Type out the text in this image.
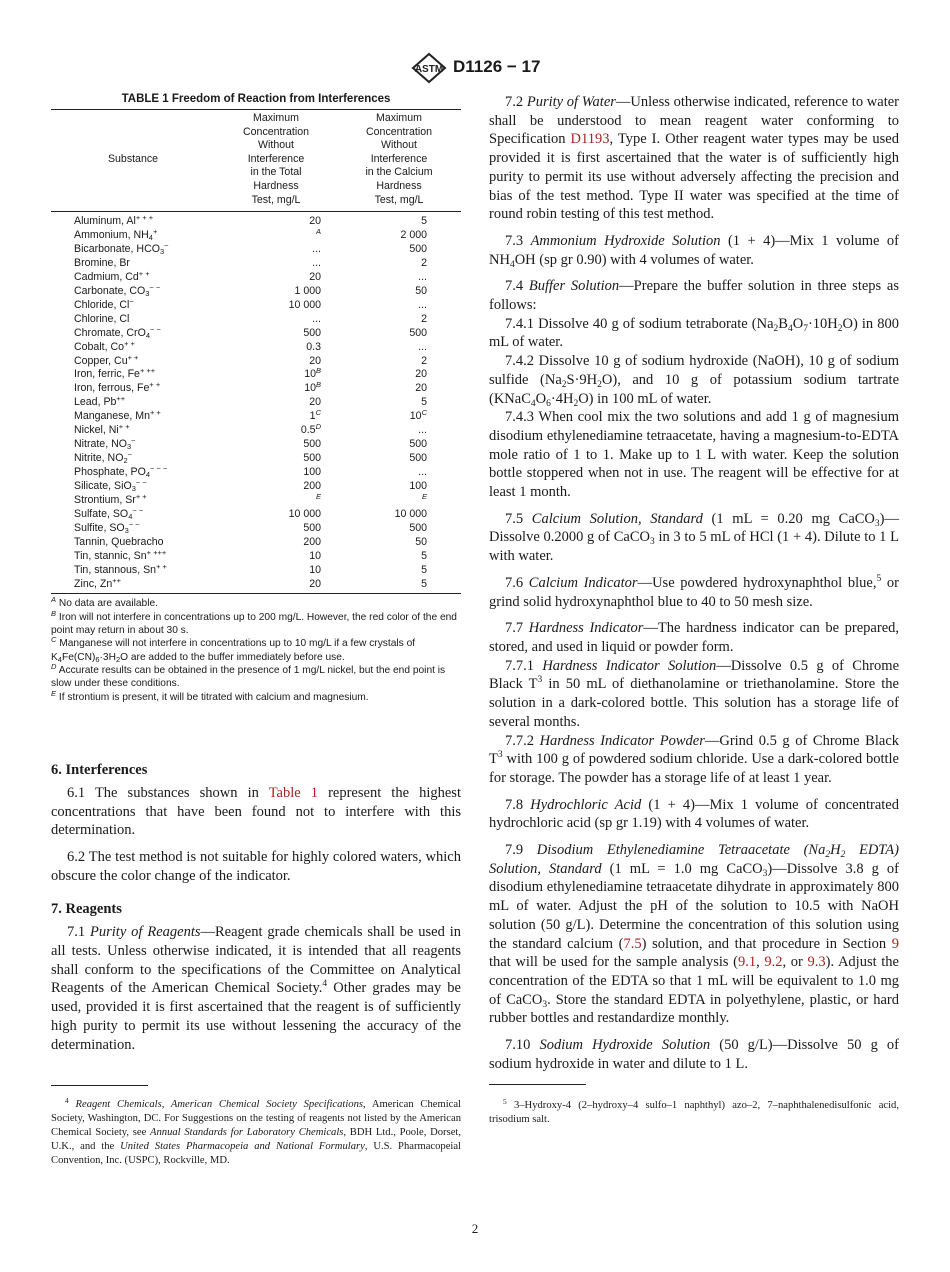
ASTM D1126 − 17
TABLE 1 Freedom of Reaction from Interferences
Substance
Maximum
Concentration
Without
Interference
in the Total
Hardness
Test, mg/L
Maximum
Concentration
Without
Interference
in the Calcium
Hardness
Test, mg/L
Aluminum, Al+ + +	20	5
Ammonium, $NH_4^+$	$^A$	2 000
Bicarbonate, $HCO_3^-$	...	500
Bromine, Br	...	2
Cadmium, Cd+ +	20	...
Carbonate, $CO_3^{- -}$	1 000	50
Chloride, Cl−	10 000	...
Chlorine, Cl	...	2
Chromate, CrO$_4$− −	500	500
Cobalt, Co+ +	0.3	...
Copper, Cu+ +	20	2
Iron, ferric, Fe+ ++	10$^B$	20
Iron, ferrous, Fe+ +	10$^B$	20
Lead, Pb++	20	5
Manganese, Mn+ +	1$^C$	10$^C$
Nickel, Ni+ +	0.5$^D$	...
Nitrate, $NO_3^-$	500	500
Nitrite, $NO_2^-$	500	500
Phosphate, $PO_4^{- - -}$	100	...
Silicate, SiO$_3$− −	200	100
Strontium, Sr+ +	$^E$	$^E$
Sulfate, $SO_4^{- -}$	10 000	10 000
Sulfite, $SO_3^{- -}$	500	500
Tannin, Quebracho	200	50
Tin, stannic, Sn+ +++	10	5
Tin, stannous, Sn+ +	10	5
Zinc, Zn++	20	5

$^A$ No data are available.

$^B$ Iron will not interfere in concentrations up to 200 mg/L. However, the red color of the end point may return in about 30 s.

$^C$ Manganese will not interfere in concentrations up to 10 mg/L if a few crystals of $K_4Fe(CN)_6\cdot 3H_2O$ are added to the buffer immediately before use.

$^D$ Accurate results can be obtained in the presence of 1 mg/L nickel, but the end point is slow under these conditions.

$^E$ If strontium is present, it will be titrated with calcium and magnesium.

6. Interferences

6.1 The substances shown in Table 1 represent the highest concentrations that have been found not to interfere with this determination.

6.2 The test method is not suitable for highly colored waters, which obscure the color change of the indicator.

7. Reagents

7.1 Purity of Reagents—Reagent grade chemicals shall be used in all tests. Unless otherwise indicated, it is intended that all reagents shall conform to the specifications of the Committee on Analytical Reagents of the American Chemical Society.$^4$ Other grades may be used, provided it is first ascertained that the reagent is of sufficiently high purity to permit its use without lessening the accuracy of the determination.

$^4$ Reagent Chemicals, American Chemical Society Specifications, American Chemical Society, Washington, DC. For Suggestions on the testing of reagents not listed by the American Chemical Society, see Annual Standards for Laboratory Chemicals, BDH Ltd., Poole, Dorset, U.K., and the United States Pharmacopeia and National Formulary, U.S. Pharmacopeial Convention, Inc. (USPC), Rockville, MD.

7.2 Purity of Water—Unless otherwise indicated, reference to water shall be understood to mean reagent water conforming to Specification D1193, Type I. Other reagent water types may be used provided it is first ascertained that the water is of sufficiently high purity to permit its use without adversely affecting the precision and bias of the test method. Type II water was specified at the time of round robin testing of this test method.

7.3 Ammonium Hydroxide Solution (1 + 4)—Mix 1 volume of $NH_4OH$ (sp gr 0.90) with 4 volumes of water.

7.4 Buffer Solution—Prepare the buffer solution in three steps as follows:

7.4.1 Dissolve 40 g of sodium tetraborate $(Na_2B_4O_7\cdot 10H_2O)$ in 800 mL of water.

7.4.2 Dissolve 10 g of sodium hydroxide (NaOH), 10 g of sodium sulfide $(Na_2S\cdot 9H_2O)$, and 10 g of potassium sodium tartrate $(KNaC_4O_6\cdot 4H_2O)$ in 100 mL of water.

7.4.3 When cool mix the two solutions and add 1 g of magnesium disodium ethylenediamine tetraacetate, having a magnesium-to-EDTA mole ratio of 1 to 1. Make up to 1 L with water. Keep the solution bottle stoppered when not in use. The reagent will be effective for at least 1 month.

7.5 Calcium Solution, Standard (1 mL = 0.20 mg CaCO$_3$)—Dissolve 0.2000 g of CaCO$_3$ in 3 to 5 mL of HCl (1 + 4). Dilute to 1 L with water.

7.6 Calcium Indicator—Use powdered hydroxynaphthol blue,$^5$ or grind solid hydroxynaphthol blue to 40 to 50 mesh size.

7.7 Hardness Indicator—The hardness indicator can be prepared, stored, and used in liquid or powder form.

7.7.1 Hardness Indicator Solution—Dissolve 0.5 g of Chrome Black $T^3$ in 50 mL of diethanolamine or triethanolamine. Store the solution in a dark-colored bottle. This solution has a storage life of several months.

7.7.2 Hardness Indicator Powder—Grind 0.5 g of Chrome Black $T^3$ with 100 g of powdered sodium chloride. Use a dark-colored bottle for storage. The powder has a storage life of at least 1 year.

7.8 Hydrochloric Acid (1 + 4)—Mix 1 volume of concentrated hydrochloric acid (sp gr 1.19) with 4 volumes of water.

7.9 Disodium Ethylenediamine Tetraacetate ($Na_2H_2$ EDTA) Solution, Standard (1 mL = 1.0 mg CaCO$_3$)—Dissolve 3.8 g of disodium ethylenediamine tetraacetate dihydrate in approximately 800 mL of water. Adjust the pH of the solution to 10.5 with NaOH solution (50 g/L). Determine the concentration of this solution using the standard calcium (7.5) solution, and that procedure in Section 9 that will be used for the sample analysis (9.1, 9.2, or 9.3). Adjust the concentration of the EDTA so that 1 mL will be equivalent to 1.0 mg of CaCO$_3$. Store the standard EDTA in polyethylene, plastic, or hard rubber bottles and restandardize monthly.

7.10 Sodium Hydroxide Solution (50 g/L)—Dissolve 50 g of sodium hydroxide in water and dilute to 1 L.

$^5$ 3–Hydroxy-4 (2–hydroxy–4 sulfo–1 naphthyl) azo–2, 7–naphthalenedisulfonic acid, trisodium salt.

2
